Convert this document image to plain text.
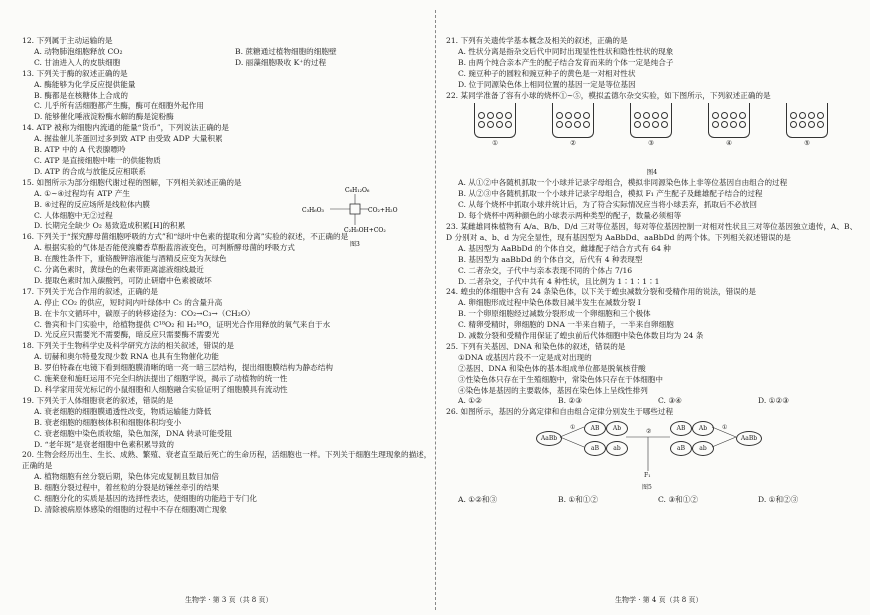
12. 下列属于主动运输的是

A. 动物肺泡细胞释放 CO₂	B. 蔗糖通过植物细胞的细胞壁
C. 甘油进入人的皮肤细胞	D. 丽藻细胞吸收 K⁺的过程

13. 下列关于酶的叙述正确的是

A. 酶能够为化学反应提供能量

B. 酶都是在核糖体上合成的

C. 儿乎所有活细胞都产生酶，酶可在细胞外起作用

D. 能够催化唾液淀粉酶水解的酶是淀粉酶

14. ATP 被称为细胞内流通的能量“货币”，下列说法正确的是

A. 掘盐催儿茶蛋回过多到致 ATP 由受致 ADP 大量积累

B. ATP 中的 A 代表腺嘌呤

C. ATP 是直接细胞中唯一的供能物质

D. ATP 的合成与放能反应相联系

15. 如图所示为部分细胞代谢过程的图解，下列相关叙述正确的是

A. ①~④过程均有 ATP 产生

B. ④过程的反应场所是线粒体内膜

C. 人体细胞中无②过程

D. 长期完全缺少 O₂ 易致造成积累[H]的积累

16. 下列关于“探究酵母菌细胞呼吸的方式”和“绿叶中色素的提取和分离”实验的叙述，不正确的是

A. 根据实验的气体是否能使溴麝香草酚蓝溶液变色，可判断酵母菌的呼吸方式

B. 在酸性条件下，重铬酸钾溶液能与酒精反应变为灰绿色

C. 分离色素时，黄绿色的色素带距离滤液细线最近

D. 提取色素时加入碳酸钙，可防止研磨中色素被破坏

17. 下列关于光合作用的叙述，正确的是

A. 停止 CO₂ 的供应，短时间内叶绿体中 C₅ 的含量升高

B. 在卡尔文循环中，碳原子的转移途径为：CO₂→C₃→（CH₂O）

C. 鲁宾和卡门实验中，给植物提供 C¹⁸O₂ 和 H₂¹⁸O，证明光合作用释放的氧气来自于水

D. 光反应只需要光不需要酶，暗反应只需要酶不需要光

18. 下列关于生物科学史及科学研究方法的相关叙述，错误的是

A. 切赫和奥尔特曼发现少数 RNA 也具有生物催化功能

B. 罗伯特森在电镜下看到细胞膜清晰的暗一亮一暗三层结构，提出细胞膜结构为静态结构

C. 施莱登和施旺运用不完全归纳法提出了细胞学说，揭示了动植物的统一性

D. 科学家用荧光标记的小鼠细胞和人细胞融合实验证明了细胞膜具有流动性

19. 下列关于人体细胞衰老的叙述，错误的是

A. 衰老细胞的细胞膜通透性改变，物质运输能力降低

B. 衰老细胞的细胞核体积和细胞体积均变小

C. 衰老细胞中染色质收缩，染色加深，DNA 转录可能受阻

D. “老年斑”是衰老细胞中色素积累导致的

20. 生物会经历出生、生长、成熟、繁殖、衰老直至最后死亡的生命历程，活细胞也一样。下列关于细胞生理现象的描述，正确的是

A. 植物细胞有丝分裂后期，染色体完成复制且数目加倍

B. 细胞分裂过程中，着丝粒的分裂是纺锤丝牵引的结果

C. 细胞分化的实质是基因的选择性表达，使细胞的功能趋于专门化

D. 清除被病原体感染的细胞的过程中不存在细胞凋亡现象

C₆H₁₂O₆
C₃H₆O₃	CO₂+H₂O
C₂H₅OH+CO₂
图3
生物学 · 第 3 页（共 8 页）

21. 下列有关遗传学基本概念及相关的叙述，正确的是

A. 性状分离是指杂交后代中同时出现显性性状和隐性性状的现象

B. 由两个纯合亲本产生的配子结合发育而来的个体一定是纯合子

C. 豌豆种子的圆粒和豌豆种子的黄色是一对相对性状

D. 位于同源染色体上相同位置的基因一定是等位基因

22. 某同学准备了容有小球的烧杯①~⑤，模拟孟德尔杂交实验，如下图所示，下列叙述正确的是

①	②	③	④	⑤

图4

A. 从①②中各随机抓取一个小球并记录字母组合，模拟非同源染色体上非等位基因自由组合的过程

B. 从②③中各随机抓取一个小球并记录字母组合，模拟 F₁ 产生配子及雌雄配子结合的过程

C. 从每个烧杯中抓取小球并统计后，为了符合实际情况应当将小球丢弃，抓取后不必放回

D. 每个烧杯中两种颜色的小球表示两种类型的配子，数量必须相等

23. 某雌雄同株植物有 A/a、B/b、D/d 三对等位基因，每对等位基因控制一对相对性状且三对等位基因独立遗传，A、B、D 分别对 a、b、d 为完全显性，现有基因型为 AaBbDd、aaBbDd 的两个体。下列相关叙述错误的是

A. 基因型为 AaBbDd 的个体自交，雌雄配子结合方式有 64 种

B. 基因型为 aaBbDd 的个体自交，后代有 4 种表现型

C. 二者杂交，子代中与亲本表现不同的个体占 7/16

D. 二者杂交，子代中共有 4 种性状，且比例为 1∶1∶1∶1

24. 蝗虫的体细胞中含有 24 条染色体，以下关于蝗虫减数分裂和受精作用的说法，错误的是

A. 卵细胞形成过程中染色体数目减半发生在减数分裂 I

B. 一个卵原细胞经过减数分裂形成一个卵细胞和三个极体

C. 精卵受精时，卵细胞的 DNA 一半来自精子，一半来自卵细胞

D. 减数分裂和受精作用保证了蝗虫前后代体细胞中染色体数目均为 24 条

25. 下列有关基因、DNA 和染色体的叙述，错误的是

①DNA 或基因片段不一定是成对出现的

②基因、DNA 和染色体的基本组成单位都是脱氧核苷酸

③性染色体只存在于生殖细胞中，常染色体只存在于体细胞中

④染色体是基因的主要载体，基因在染色体上呈线性排列

A. ①②	B. ②③	C. ③④	D. ①②③

26. 如图所示，基因的分离定律和自由组合定律分别发生于哪些过程

AaBb
AB	Ab
aB	ab
AB	Ab
aB	ab
AaBb
①
②
①
F₁
图5
A. ①②和③	B. ①和①②	C. ③和①②	D. ①和②③
生物学 · 第 4 页（共 8 页）
